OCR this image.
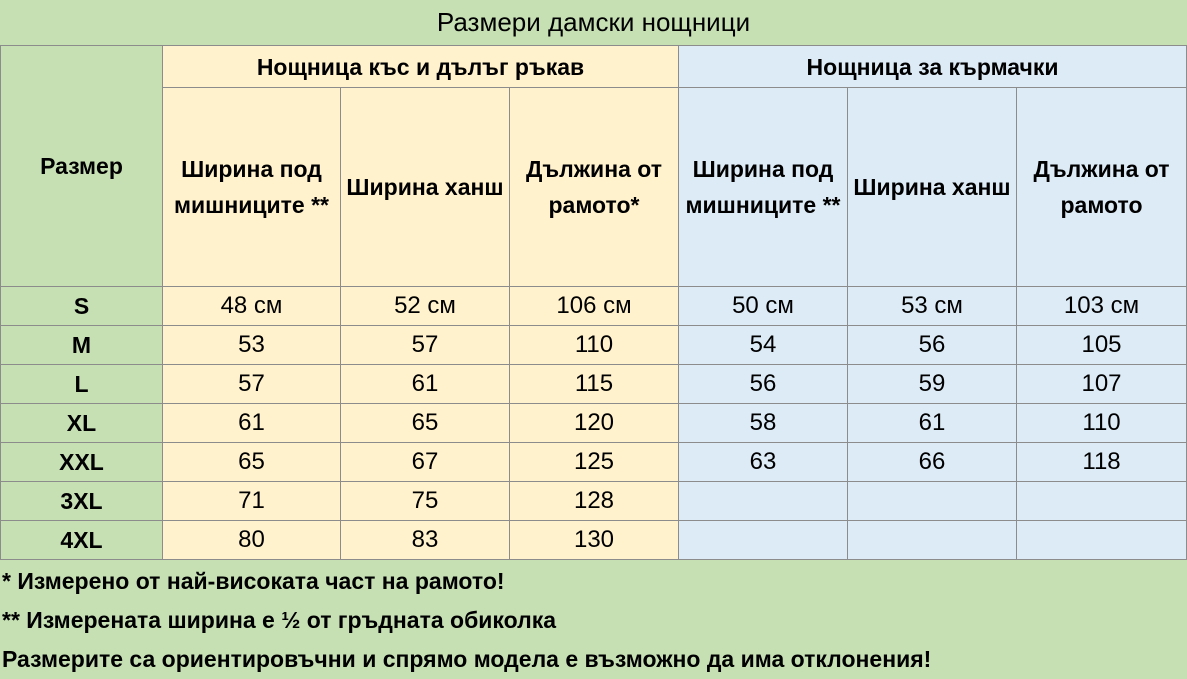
Размери дамски нощници
Размер	Нощница къс и дълъг ръкав			Нощница за кърмачки		
	Ширина под мишниците **	Ширина ханш	Дължина от рамото*	Ширина под мишниците **	Ширина ханш	Дължина от рамото
S	48 см	52 см	106 см	50 см	53 см	103 см
M	53	57	110	54	56	105
L	57	61	115	56	59	107
XL	61	65	120	58	61	110
XXL	65	67	125	63	66	118
3XL	71	75	128			
4XL	80	83	130			
* Измерено от най-високата част на рамото!
** Измерената ширина е ½ от гръдната обиколка
Размерите са ориентировъчни и спрямо модела е възможно да има отклонения!
